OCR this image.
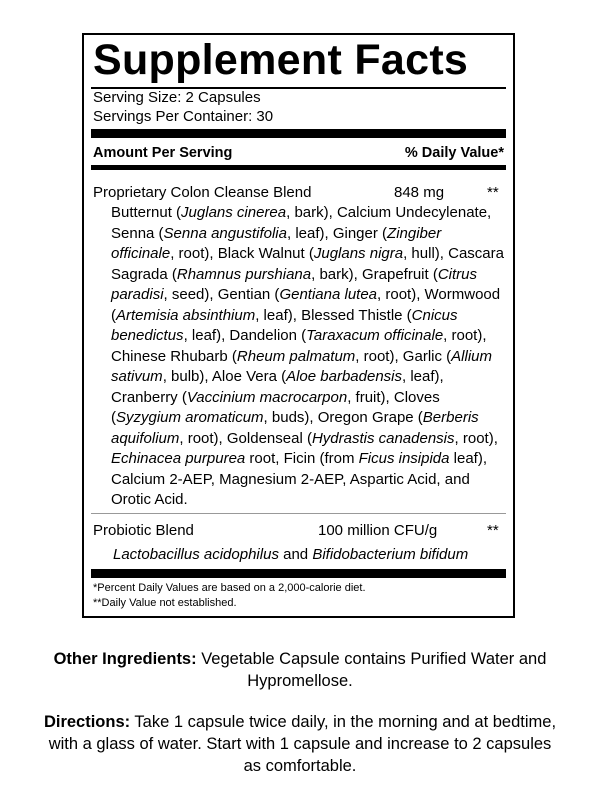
Supplement Facts
Serving Size: 2 Capsules
Servings Per Container: 30
Amount Per Serving	% Daily Value*
Proprietary Colon Cleanse Blend	848 mg	**
Butternut (Juglans cinerea, bark), Calcium Undecylenate, Senna (Senna angustifolia, leaf), Ginger (Zingiber officinale, root), Black Walnut (Juglans nigra, hull), Cascara Sagrada (Rhamnus purshiana, bark), Grapefruit (Citrus paradisi, seed), Gentian (Gentiana lutea, root), Wormwood (Artemisia absinthium, leaf), Blessed Thistle (Cnicus benedictus, leaf), Dandelion (Taraxacum officinale, root), Chinese Rhubarb (Rheum palmatum, root), Garlic (Allium sativum, bulb), Aloe Vera (Aloe barbadensis, leaf), Cranberry (Vaccinium macrocarpon, fruit), Cloves (Syzygium aromaticum, buds), Oregon Grape (Berberis aquifolium, root), Goldenseal (Hydrastis canadensis, root), Echinacea purpurea root, Ficin (from Ficus insipida leaf), Calcium 2-AEP, Magnesium 2-AEP, Aspartic Acid, and Orotic Acid.
Probiotic Blend	100 million CFU/g	**
Lactobacillus acidophilus and Bifidobacterium bifidum
*Percent Daily Values are based on a 2,000-calorie diet.
**Daily Value not established.
Other Ingredients: Vegetable Capsule contains Purified Water and Hypromellose.
Directions: Take 1 capsule twice daily, in the morning and at bedtime, with a glass of water. Start with 1 capsule and increase to 2 capsules as comfortable.
